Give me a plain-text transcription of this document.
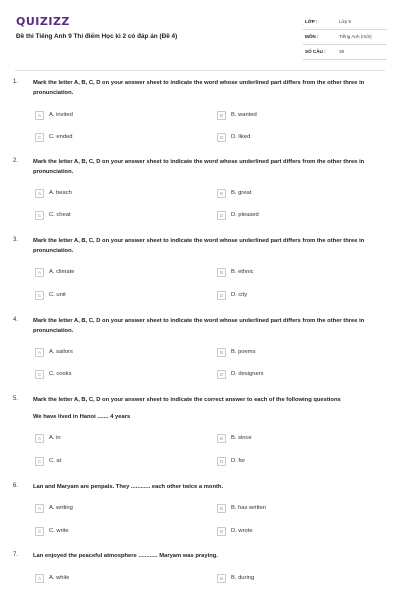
QUIZIZZ
Đề thi Tiếng Anh 9 Thí điểm Học kì 2 có đáp án (Đề 4)
LỚP :	Lớp 9
MÔN :	Tiếng Anh (mới)
SỐ CÂU :	39
1.	Mark the letter A, B, C, D on your answer sheet to indicate the word whose underlined part differs from the other three in pronunciation.
A	A. invited	B	B. wanted
C	C. ended	D	D. liked
2.	Mark the letter A, B, C, D on your answer sheet to indicate the word whose underlined part differs from the other three in pronunciation.
A	A. beach	B	B. great
C	C. cheat	D	D. pleased
3.	Mark the letter A, B, C, D on your answer sheet to indicate the word whose underlined part differs from the other three in pronunciation.
A	A. climate	B	B. ethnic
C	C. unit	D	D. city
4.	Mark the letter A, B, C, D on your answer sheet to indicate the word whose underlined part differs from the other three in pronunciation.
A	A. sailors	B	B. poems
C	C. cooks	D	D. designers
5.	Mark the letter A, B, C, D on your answer sheet to indicate the correct answer to each of the following questions
We have lived in Hanoi ....... 4 years
A	A. in	B	B. since
C	C. at	D	D. for
6.	Lan and Maryam are penpals. They ............ each other twice a month.
A	A. writing	B	B. has written
C	C. write	D	D. wrote
7.	Lan enjoyed the peaceful atmosphere ............ Maryam was praying.
A	A. while	B	B. during
